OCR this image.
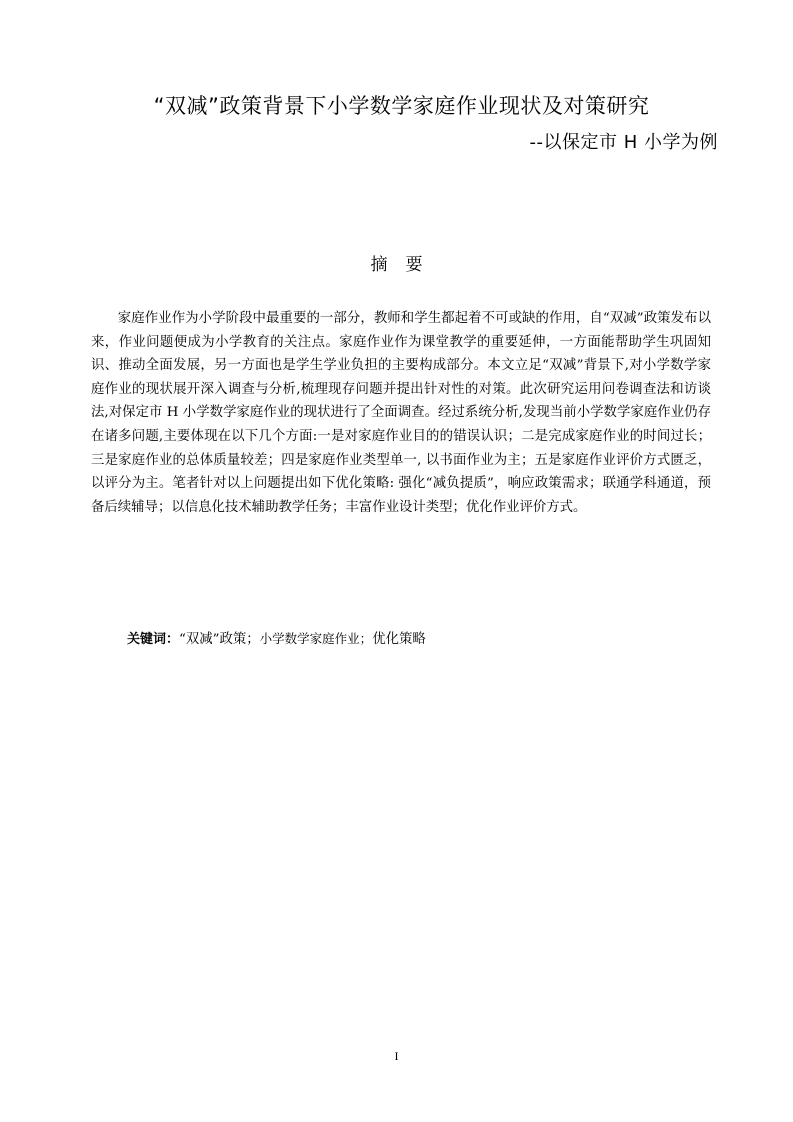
“双减”政策背景下小学数学家庭作业现状及对策研究
--以保定市 H 小学为例
摘要

家庭作业作为小学阶段中最重要的一部分，教师和学生都起着不可或缺的作用，自“双减”政策发布以来，作业问题便成为小学教育的关注点。家庭作业作为课堂教学的重要延伸，一方面能帮助学生巩固知识、推动全面发展，另一方面也是学生学业负担的主要构成部分。本文立足“双减”背景下,对小学数学家庭作业的现状展开深入调查与分析,梳理现存问题并提出针对性的对策。此次研究运用问卷调查法和访谈法,对保定市 H 小学数学家庭作业的现状进行了全面调查。经过系统分析,发现当前小学数学家庭作业仍存在诸多问题,主要体现在以下几个方面:一是对家庭作业目的的错误认识；二是完成家庭作业的时间过长；三是家庭作业的总体质量较差；四是家庭作业类型单一, 以书面作业为主；五是家庭作业评价方式匮乏，以评分为主。笔者针对以上问题提出如下优化策略: 强化“减负提质”，响应政策需求；联通学科通道，预备后续辅导；以信息化技术辅助教学任务；丰富作业设计类型；优化作业评价方式。

关键词：“双减”政策；小学数学家庭作业；优化策略
I
